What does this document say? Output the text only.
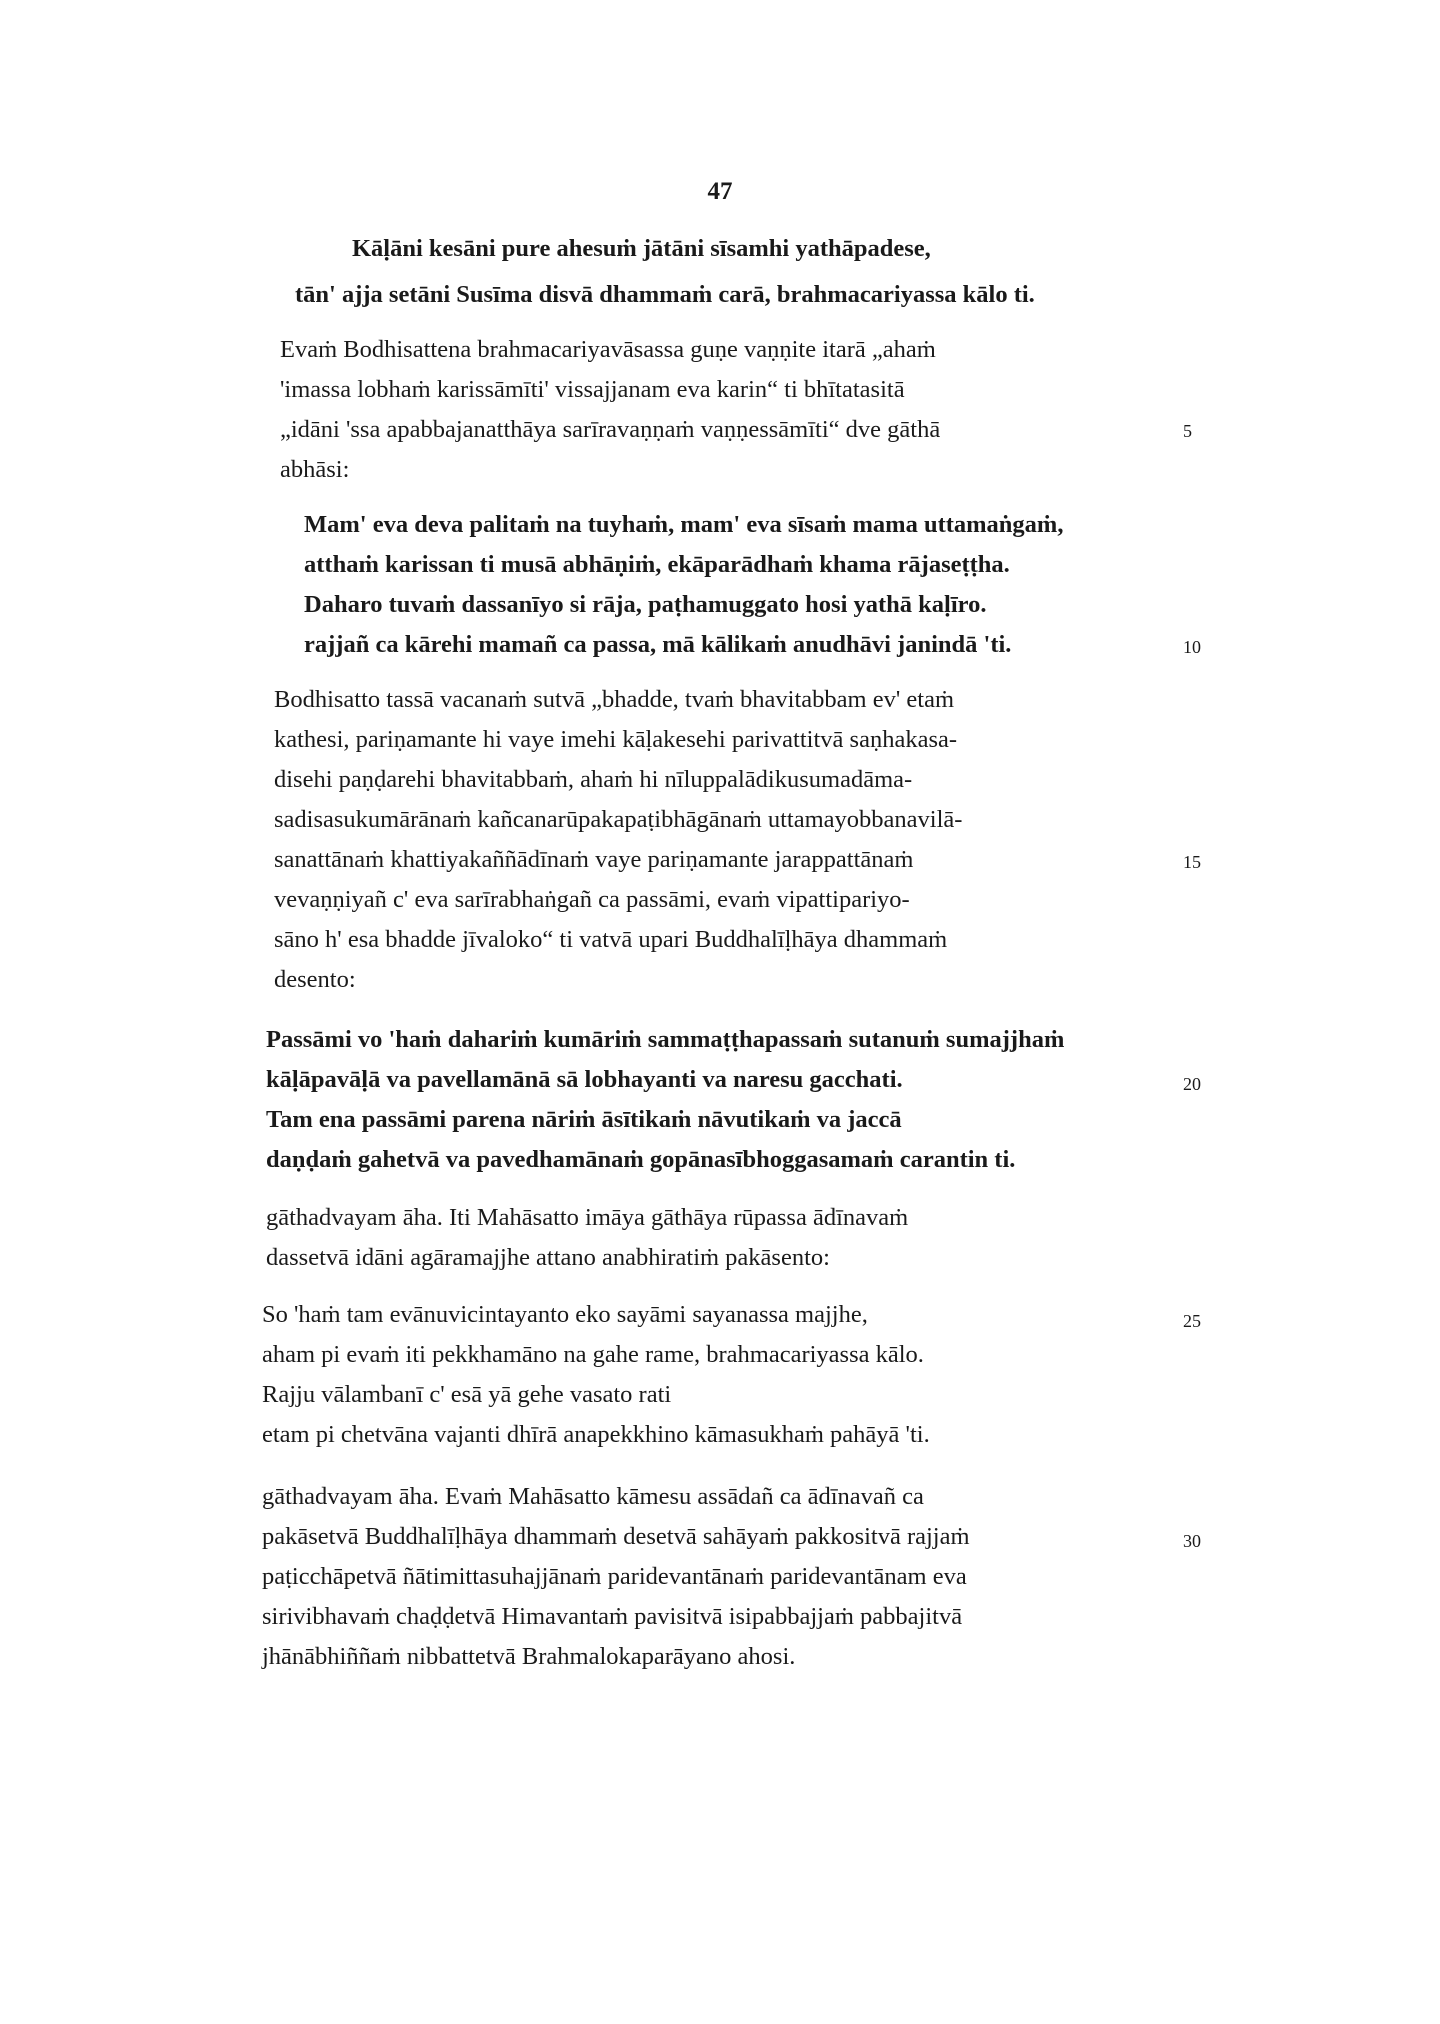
47
Kāḷāni kesāni pure ahesuṁ jātāni sīsamhi yathāpadese,
tān' ajja setāni Susīma disvā dhammaṁ carā, brahmacariyassa kālo ti.
Evaṁ Bodhisattena brahmacariyavāsassa guṇe vaṇṇite itarā „ahaṁ
'imassa lobhaṁ karissāmīti' vissajjanam eva karin“ ti bhītatasitā
„idāni 'ssa apabbajanatthāya sarīravaṇṇaṁ vaṇṇessāmīti“ dve gāthā
abhāsi:
5
Mam' eva deva palitaṁ na tuyhaṁ, mam' eva sīsaṁ mama uttamaṅgaṁ,
atthaṁ karissan ti musā abhāṇiṁ, ekāparādhaṁ khama rājaseṭṭha.
Daharo tuvaṁ dassanīyo si rāja, paṭhamuggato hosi yathā kaḷīro.
rajjañ ca kārehi mamañ ca passa, mā kālikaṁ anudhāvi janindā 'ti.	10
Bodhisatto tassā vacanaṁ sutvā „bhadde, tvaṁ bhavitabbam ev' etaṁ
kathesi, pariṇamante hi vaye imehi kāḷakesehi parivattitvā saṇhakasa-
disehi paṇḍarehi bhavitabbaṁ, ahaṁ hi nīluppalādikusumadāma-
sadisasukumārānaṁ kañcanarūpakapaṭibhāgānaṁ uttamayobbanavilā-
sanattānaṁ khattiyakaññādīnaṁ vaye pariṇamante jarappattānaṁ
vevaṇṇiyañ c' eva sarīrabhaṅgañ ca passāmi, evaṁ vipattipariyo-
sāno h' esa bhadde jīvaloko“ ti vatvā upari Buddhalīḷhāya dhammaṁ
desento:
15
Passāmi vo 'haṁ dahariṁ kumāriṁ sammaṭṭhapassaṁ sutanuṁ sumajjhaṁ
kāḷāpavāḷā va pavellamānā sā lobhayanti va naresu gacchati.
Tam ena passāmi parena nāriṁ āsītikaṁ nāvutikaṁ va jaccā
daṇḍaṁ gahetvā va pavedhamānaṁ gopānasībhoggasamaṁ carantin ti.
20
gāthadvayam āha. Iti Mahāsatto imāya gāthāya rūpassa ādīnavaṁ
dassetvā idāni agāramajjhe attano anabhiratiṁ pakāsento:
So 'haṁ tam evānuvicintayanto eko sayāmi sayanassa majjhe,
aham pi evaṁ iti pekkhamāno na gahe rame, brahmacariyassa kālo.
Rajju vālambanī c' esā yā gehe vasato rati
etam pi chetvāna vajanti dhīrā anapekkhino kāmasukhaṁ pahāyā 'ti.
25
gāthadvayam āha. Evaṁ Mahāsatto kāmesu assādañ ca ādīnavañ ca
pakāsetvā Buddhalīḷhāya dhammaṁ desetvā sahāyaṁ pakkositvā rajjaṁ
paṭicchāpetvā ñātimittasuhajjānaṁ paridevantānaṁ paridevantānam eva
sirivibhavaṁ chaḍḍetvā Himavantaṁ pavisitvā isipabbajjaṁ pabbajitvā
jhānābhiññaṁ nibbattetvā Brahmalokaparāyano ahosi.
30
